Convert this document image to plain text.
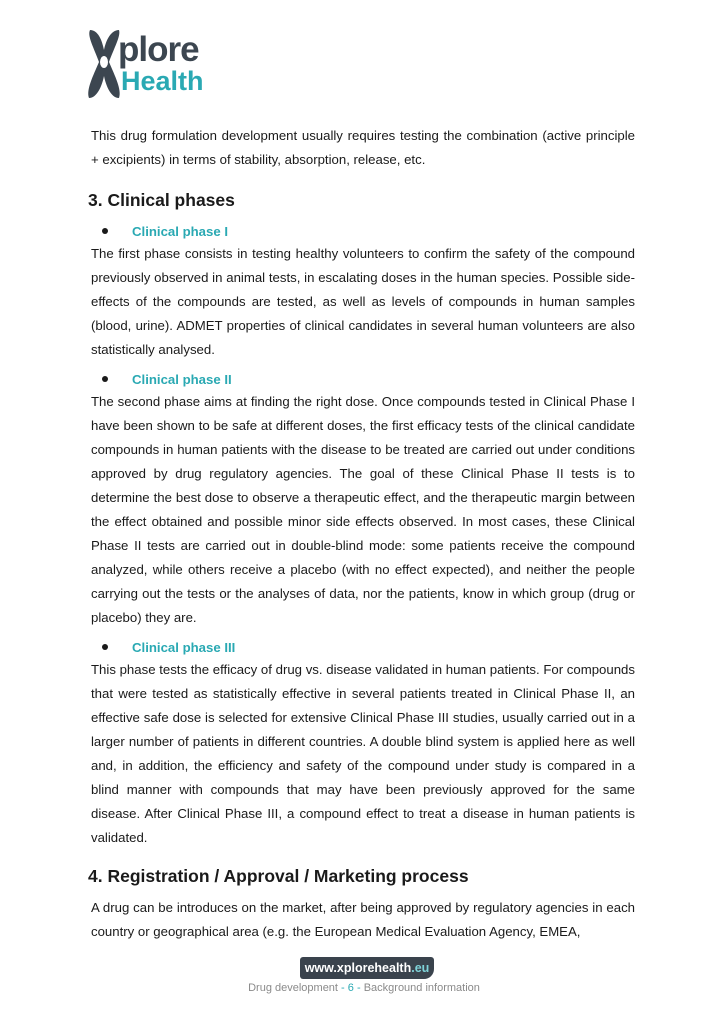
plore
Health

This drug formulation development usually requires testing the combination (active principle + excipients) in terms of stability, absorption, release, etc.

3. Clinical phases
Clinical phase I

The first phase consists in testing healthy volunteers to confirm the safety of the compound previously observed in animal tests, in escalating doses in the human species. Possible side-effects of the compounds are tested, as well as levels of compounds in human samples (blood, urine). ADMET properties of clinical candidates in several human volunteers are also statistically analysed.

Clinical phase II

The second phase aims at finding the right dose. Once compounds tested in Clinical Phase I have been shown to be safe at different doses, the first efficacy tests of the clinical candidate compounds in human patients with the disease to be treated are carried out under conditions approved by drug regulatory agencies. The goal of these Clinical Phase II tests is to determine the best dose to observe a therapeutic effect, and the therapeutic margin between the effect obtained and possible minor side effects observed. In most cases, these Clinical Phase II tests are carried out in double-blind mode: some patients receive the compound analyzed, while others receive a placebo (with no effect expected), and neither the people carrying out the tests or the analyses of data, nor the patients, know in which group (drug or placebo) they are.

Clinical phase III

This phase tests the efficacy of drug vs. disease validated in human patients. For compounds that were tested as statistically effective in several patients treated in Clinical Phase II, an effective safe dose is selected for extensive Clinical Phase III studies, usually carried out in a larger number of patients in different countries. A double blind system is applied here as well and, in addition, the efficiency and safety of the compound under study is compared in a blind manner with compounds that may have been previously approved for the same disease. After Clinical Phase III, a compound effect to treat a disease in human patients is validated.

4. Registration / Approval / Marketing process

A drug can be introduces on the market, after being approved by regulatory agencies in each country or geographical area (e.g. the European Medical Evaluation Agency, EMEA,

www.xplorehealth.eu
Drug development - 6 - Background information
